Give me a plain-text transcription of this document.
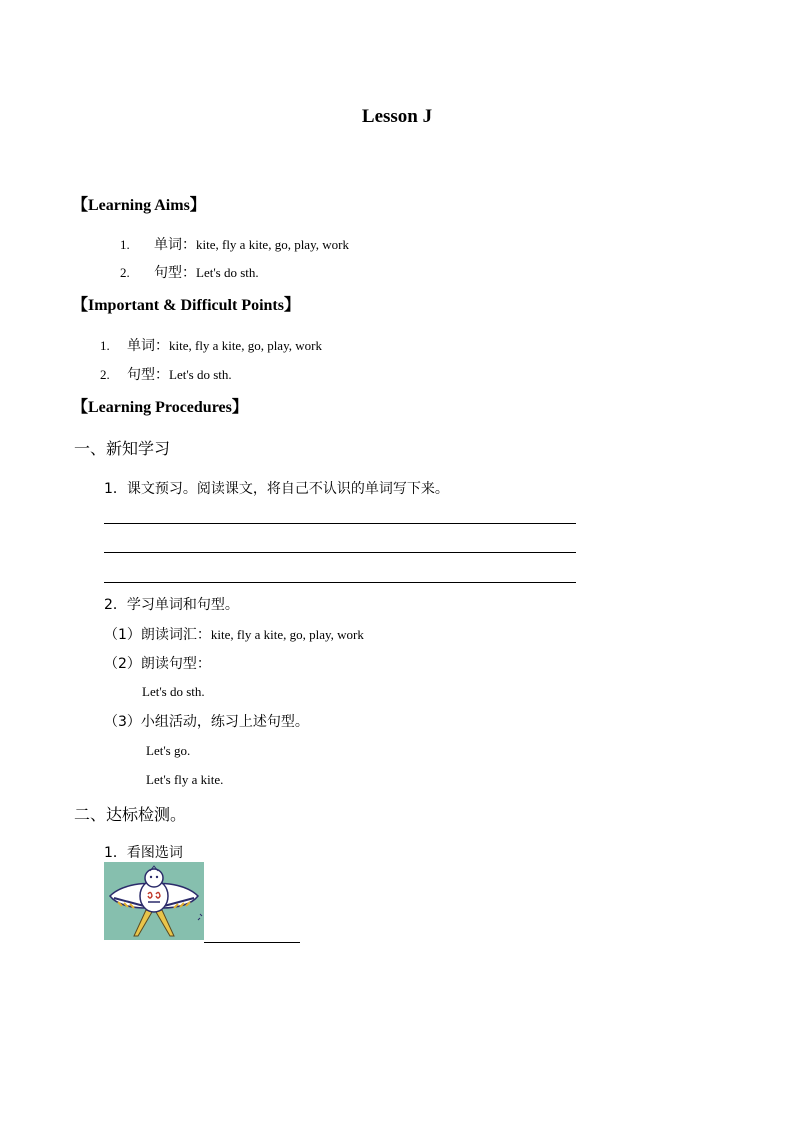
Lesson J
【Learning Aims】
1. 单词：kite, fly a kite, go, play, work
2. 句型：Let's do sth.
【Important & Difficult Points】
1. 单词：kite, fly a kite, go, play, work
2. 句型：Let's do sth.
【Learning Procedures】
一、新知学习
1．课文预习。阅读课文，将自己不认识的单词写下来。
2．学习单词和句型。
（1）朗读词汇：kite, fly a kite, go, play, work
（2）朗读句型：
Let's do sth.
（3）小组活动，练习上述句型。
Let's go.
Let's fly a kite.
二、达标检测。
1．看图选词
